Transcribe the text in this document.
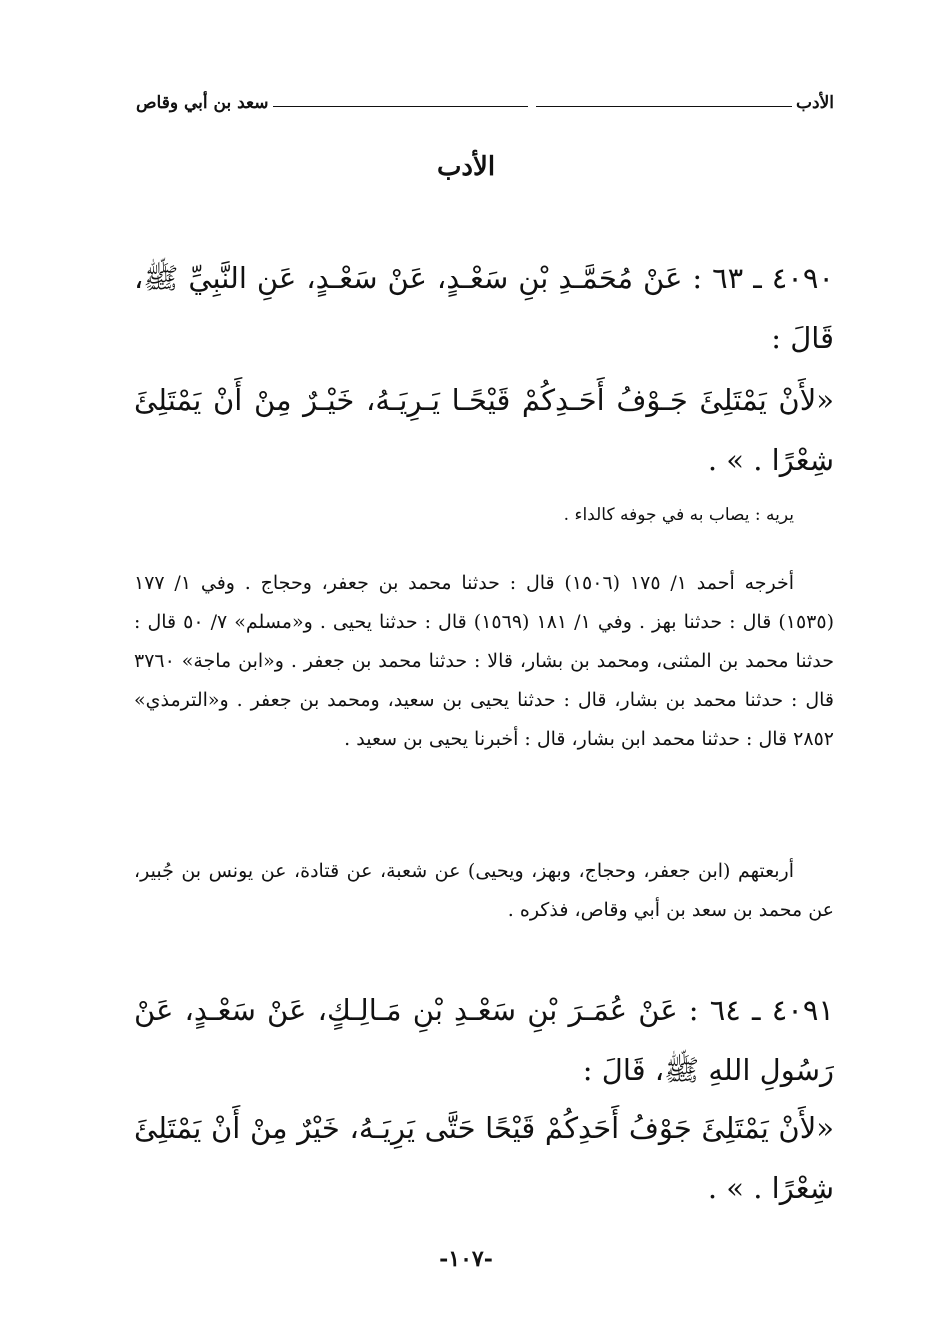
الأدب
سعد بن أبي وقاص
الأدب
٤٠٩٠ ـ ٦٣ : عَنْ مُحَمَّـدِ بْنِ سَعْـدٍ، عَنْ سَعْـدٍ، عَنِ النَّبِيِّ ﷺ، قَالَ :
«لأَنْ يَمْتَلِئَ جَـوْفُ أَحَـدِكُمْ قَيْحًـا يَـرِيَـهُ، خَيْـرٌ مِنْ أَنْ يَمْتَلِئَ شِعْرًا . » .
يريه : يصاب به في جوفه كالداء .
أخرجه أحمد ١/ ١٧٥ (١٥٠٦) قال : حدثنا محمد بن جعفر، وحجاج . وفي ١/ ١٧٧ (١٥٣٥) قال : حدثنا بهز . وفي ١/ ١٨١ (١٥٦٩) قال : حدثنا يحيى . و«مسلم» ٧/ ٥٠ قال : حدثنا محمد بن المثنى، ومحمد بن بشار، قالا : حدثنا محمد بن جعفر . و«ابن ماجة» ٣٧٦٠ قال : حدثنا محمد بن بشار، قال : حدثنا يحيى بن سعيد، ومحمد بن جعفر . و«الترمذي» ٢٨٥٢ قال : حدثنا محمد ابن بشار، قال : أخبرنا يحيى بن سعيد .
أربعتهم (ابن جعفر، وحجاج، وبهز، ويحيى) عن شعبة، عن قتادة، عن يونس بن جُبير، عن محمد بن سعد بن أبي وقاص، فذكره .
٤٠٩١ ـ ٦٤ : عَنْ عُمَـرَ بْنِ سَعْـدِ بْنِ مَـالِـكٍ، عَنْ سَعْـدٍ، عَنْ رَسُولِ اللهِ ﷺ، قَالَ :
«لأَنْ يَمْتَلِئَ جَوْفُ أَحَدِكُمْ قَيْحًا حَتَّى يَرِيَـهُ، خَيْرٌ مِنْ أَنْ يَمْتَلِئَ شِعْرًا . » .
-١٠٧-
